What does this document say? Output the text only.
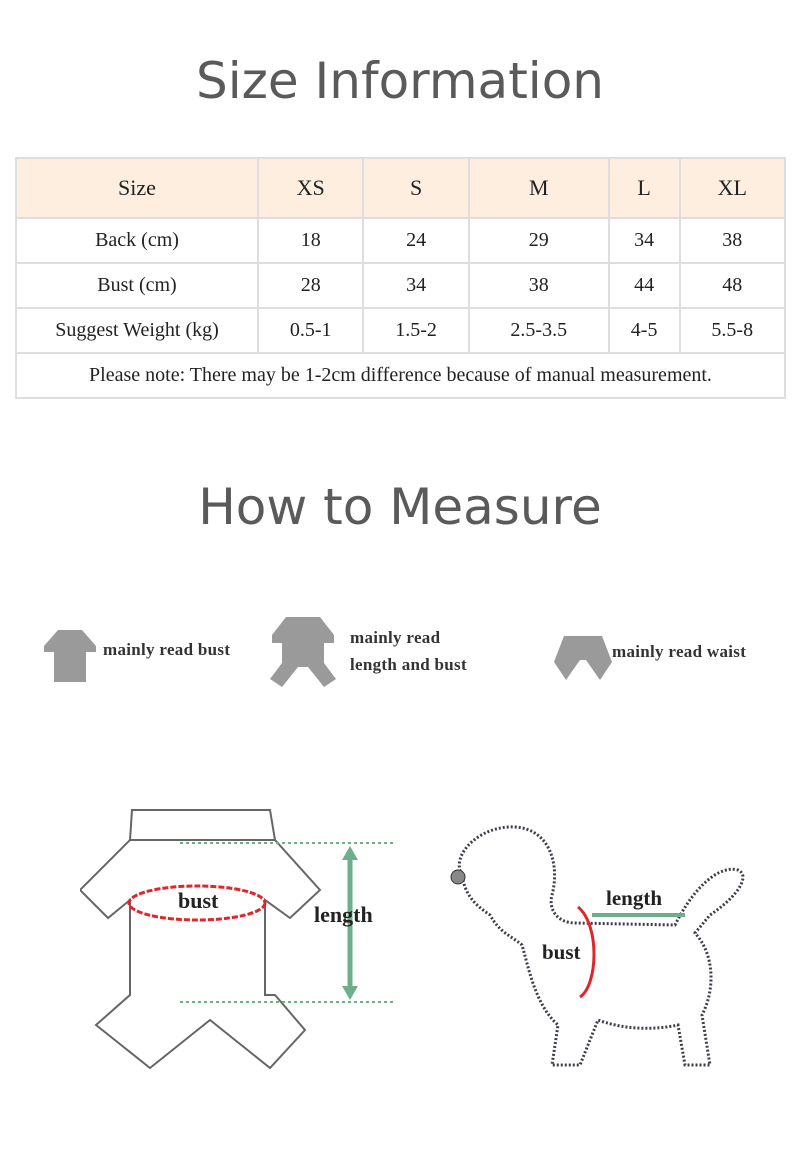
Size Information
Size	XS	S	M	L	XL
Back (cm)	18	24	29	34	38
Bust (cm)	28	34	38	44	48
Suggest Weight (kg)	0.5-1	1.5-2	2.5-3.5	4-5	5.5-8
Please note: There may be 1-2cm difference because of manual measurement.					
How to Measure
mainly read bust
mainly read
length and bust
mainly read waist
bust
length
length
bust
